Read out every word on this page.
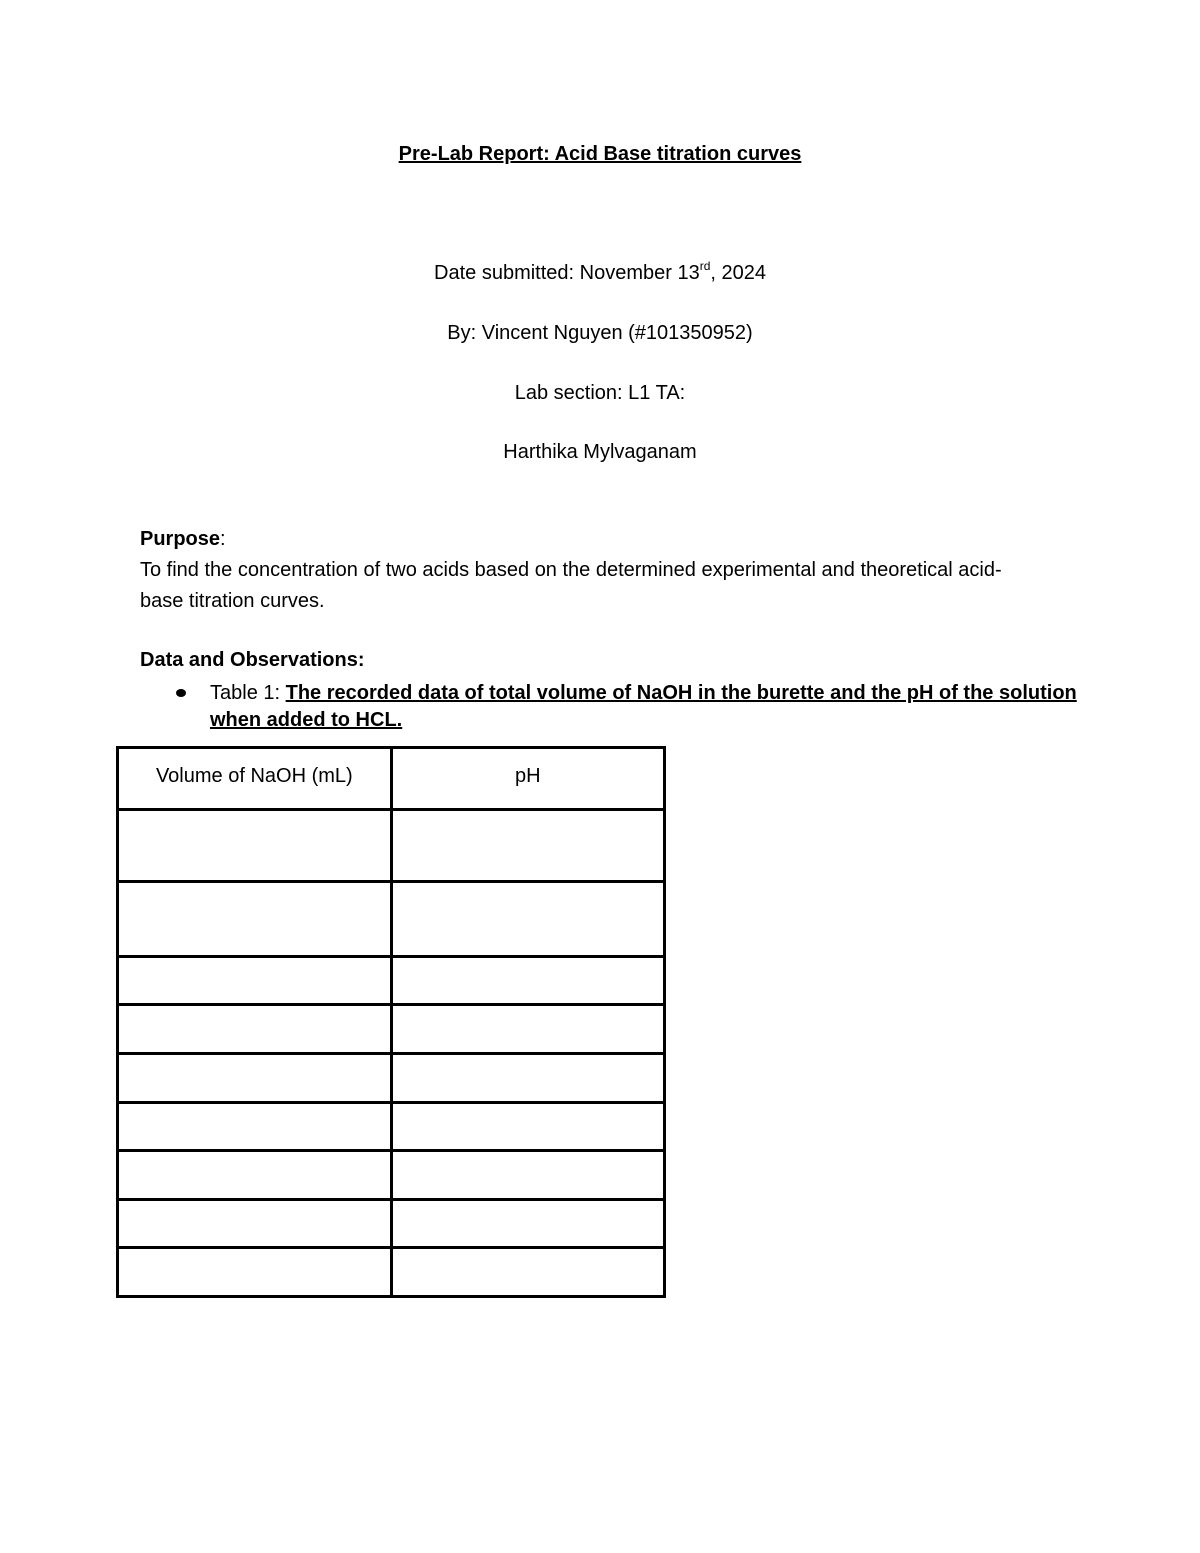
Pre-Lab Report: Acid Base titration curves
Date submitted: November 13rd, 2024
By: Vincent Nguyen (#101350952)
Lab section: L1 TA:
Harthika Mylvaganam
Purpose:
To find the concentration of two acids based on the determined experimental and theoretical acid-base titration curves.
Data and Observations:
Table 1: The recorded data of total volume of NaOH in the burette and the pH of the solution when added to HCL.
Volume of NaOH (mL)	pH
